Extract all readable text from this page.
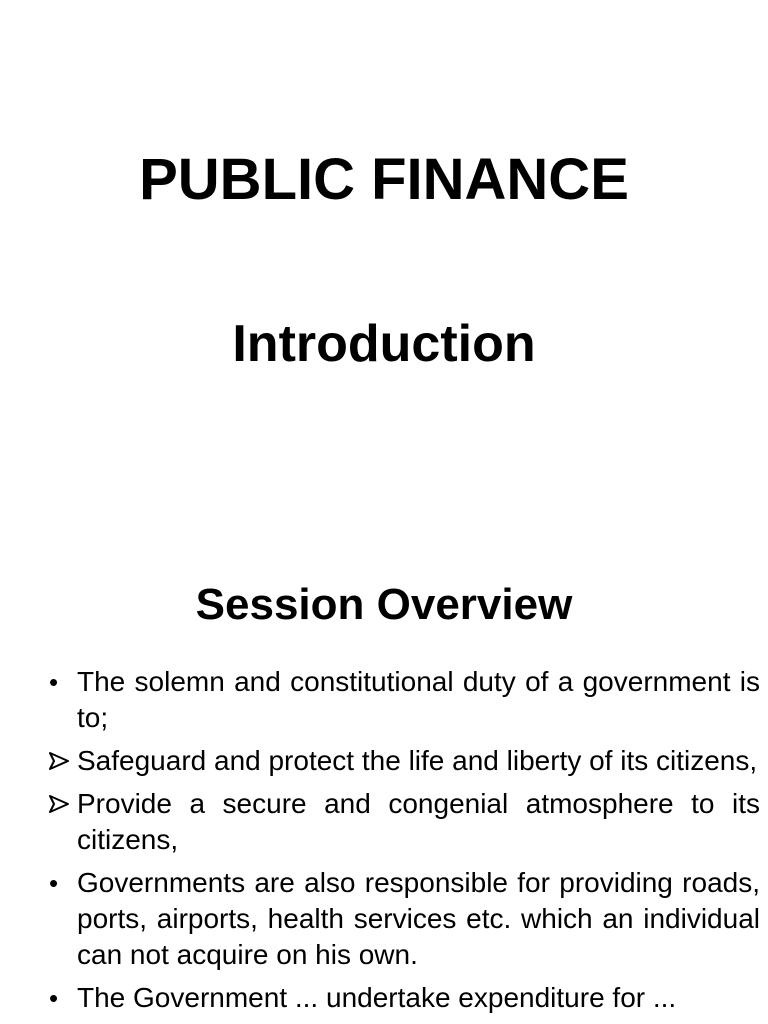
PUBLIC FINANCE
Introduction
Session Overview
• The solemn and constitutional duty of a government is to;
Safeguard and protect the life and liberty of its citizens,
Provide a secure and congenial atmosphere to its citizens,
• Governments are also responsible for providing roads, ports, airports, health services etc. which an individual can not acquire on his own.
• The Government ... undertake expenditure for ...
